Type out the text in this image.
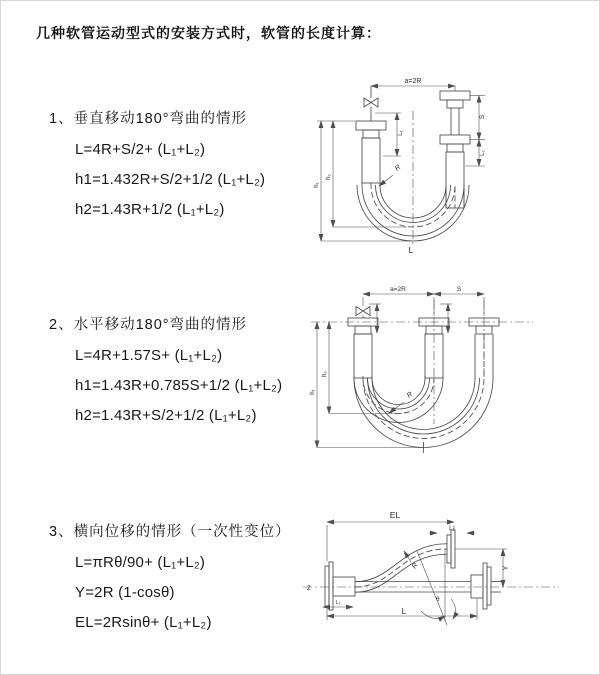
几种软管运动型式的安装方式时，软管的长度计算：
1、垂直移动180°弯曲的情形

L=4R+S/2+ (L₁+L₂)

h1=1.432R+S/2+1/2 (L₁+L₂)

h2=1.43R+1/2 (L₁+L₂)

a=2R
L₁
S
L₂
R
L
h₁
h₂
2、水平移动180°弯曲的情形

L=4R+1.57S+ (L₁+L₂)

h1=1.43R+0.785S+1/2 (L₁+L₂)

h2=1.43R+S/2+1/2 (L₁+L₂)

a=2R	S
R
h₁
h₂
3、横向位移的情形（一次性变位）

L=πRθ/90+ (L₁+L₂)

Y=2R (1-cosθ)

EL=2Rsinθ+ (L₁+L₂)

Z
EL
L₂
Y
θ
R
L₁
L
